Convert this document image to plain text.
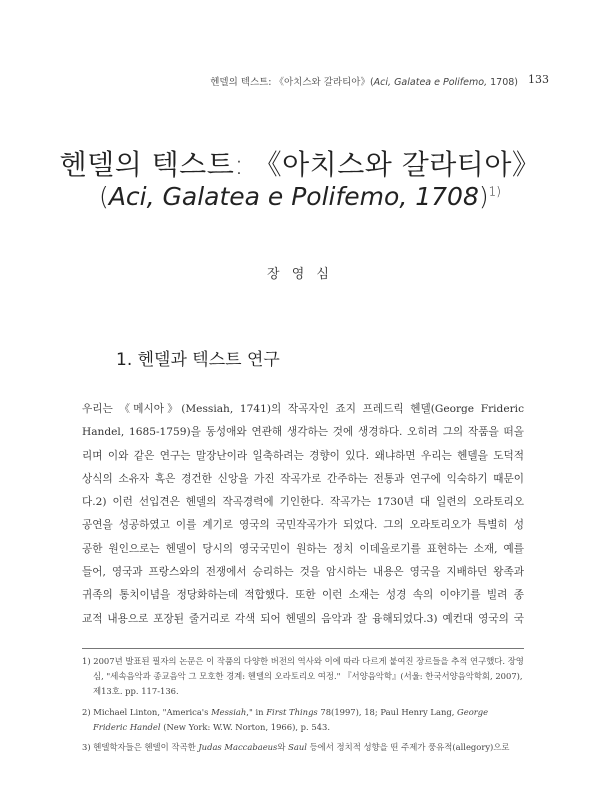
헨델의 텍스트: 《아치스와 갈라티아》(Aci, Galatea e Polifemo, 1708) 133
헨델의 텍스트: 《아치스와 갈라티아》
(Aci, Galatea e Polifemo, 1708)$^{1)}$
장 영 심
1. 헨델과 텍스트 연구
우리는 《메시아》(Messiah, 1741)의 작곡자인 죠지 프레드릭 헨델(George Frideric
Handel, 1685-1759)을 동성애와 연관해 생각하는 것에 생경하다. 오히려 그의 작품을 떠올
리며 이와 같은 연구는 말장난이라 일축하려는 경향이 있다. 왜냐하면 우리는 헨델을 도덕적
상식의 소유자 혹은 경건한 신앙을 가진 작곡가로 간주하는 전통과 연구에 익숙하기 때문이
다.2) 이런 선입견은 헨델의 작곡경력에 기인한다. 작곡가는 1730년 대 일련의 오라토리오
공연을 성공하였고 이를 계기로 영국의 국민작곡가가 되었다. 그의 오라토리오가 특별히 성
공한 원인으로는 헨델이 당시의 영국국민이 원하는 정치 이데올로기를 표현하는 소재, 예를
들어, 영국과 프랑스와의 전쟁에서 승리하는 것을 암시하는 내용은 영국을 지배하던 왕족과
귀족의 통치이념을 정당화하는데 적합했다. 또한 이런 소재는 성경 속의 이야기를 빌려 종
교적 내용으로 포장된 줄거리로 각색 되어 헨델의 음악과 잘 융해되었다.3) 예컨대 영국의 국
1) 2007년 발표된 필자의 논문은 이 작품의 다양한 버전의 역사와 이에 따라 다르게 붙여진 장르들을 추적 연구했다. 장영
심, "세속음악과 종교음악 그 모호한 경계: 헨델의 오라토리오 여정." 『서양음악학』(서울: 한국서양음악학회, 2007),
제13호. pp. 117-136.
2) Michael Linton, "America's Messiah," in First Things 78(1997), 18; Paul Henry Lang, George
Frideric Handel (New York: W.W. Norton, 1966), p. 543.
3) 헨델학자들은 헨델이 작곡한 Judas Maccabaeus와 Saul 등에서 정치적 성향을 띤 주제가 풍유적(allegory)으로
